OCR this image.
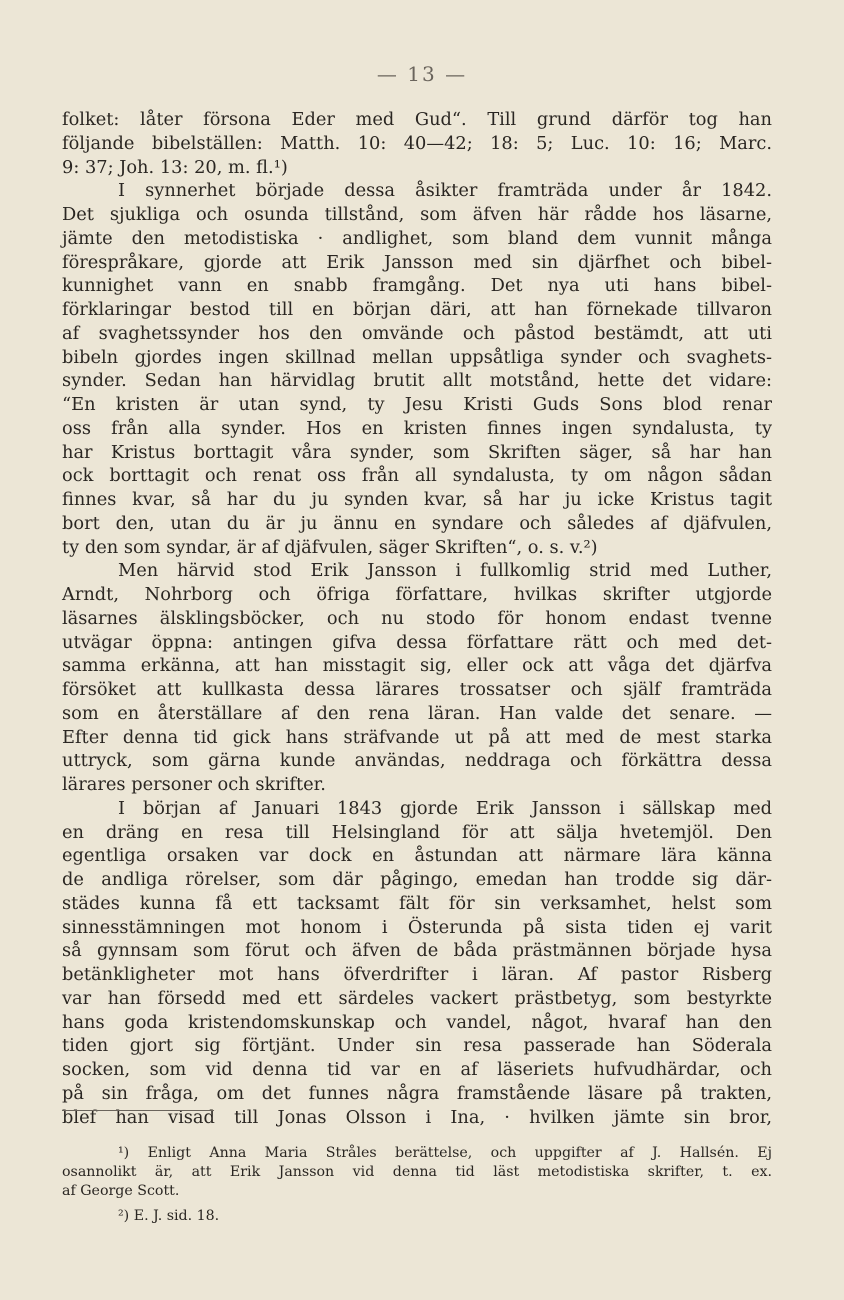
— 13 —
folket: låter försona Eder med Gud“. Till grund därför tog han
följande bibelställen: Matth. 10: 40—42; 18: 5; Luc. 10: 16; Marc.
9: 37; Joh. 13: 20, m. fl.¹)
I synnerhet började dessa åsikter framträda under år 1842.
Det sjukliga och osunda tillstånd, som äfven här rådde hos läsarne,
jämte den metodistiska · andlighet, som bland dem vunnit många
förespråkare, gjorde att Erik Jansson med sin djärfhet och bibel-
kunnighet vann en snabb framgång. Det nya uti hans bibel-
förklaringar bestod till en början däri, att han förnekade tillvaron
af svaghetssynder hos den omvände och påstod bestämdt, att uti
bibeln gjordes ingen skillnad mellan uppsåtliga synder och svaghets-
synder. Sedan han härvidlag brutit allt motstånd, hette det vidare:
“En kristen är utan synd, ty Jesu Kristi Guds Sons blod renar
oss från alla synder. Hos en kristen finnes ingen syndalusta, ty
har Kristus borttagit våra synder, som Skriften säger, så har han
ock borttagit och renat oss från all syndalusta, ty om någon sådan
finnes kvar, så har du ju synden kvar, så har ju icke Kristus tagit
bort den, utan du är ju ännu en syndare och således af djäfvulen,
ty den som syndar, är af djäfvulen, säger Skriften“, o. s. v.²)
Men härvid stod Erik Jansson i fullkomlig strid med Luther,
Arndt, Nohrborg och öfriga författare, hvilkas skrifter utgjorde
läsarnes älsklingsböcker, och nu stodo för honom endast tvenne
utvägar öppna: antingen gifva dessa författare rätt och med det-
samma erkänna, att han misstagit sig, eller ock att våga det djärfva
försöket att kullkasta dessa lärares trossatser och själf framträda
som en återställare af den rena läran. Han valde det senare. —
Efter denna tid gick hans sträfvande ut på att med de mest starka
uttryck, som gärna kunde användas, neddraga och förkättra dessa
lärares personer och skrifter.
I början af Januari 1843 gjorde Erik Jansson i sällskap med
en dräng en resa till Helsingland för att sälja hvetemjöl. Den
egentliga orsaken var dock en åstundan att närmare lära känna
de andliga rörelser, som där pågingo, emedan han trodde sig där-
städes kunna få ett tacksamt fält för sin verksamhet, helst som
sinnesstämningen mot honom i Österunda på sista tiden ej varit
så gynnsam som förut och äfven de båda prästmännen började hysa
betänkligheter mot hans öfverdrifter i läran. Af pastor Risberg
var han försedd med ett särdeles vackert prästbetyg, som bestyrkte
hans goda kristendomskunskap och vandel, något, hvaraf han den
tiden gjort sig förtjänt. Under sin resa passerade han Söderala
socken, som vid denna tid var en af läseriets hufvudhärdar, och
på sin fråga, om det funnes några framstående läsare på trakten,
blef han visad till Jonas Olsson i Ina, · hvilken jämte sin bror,
¹) Enligt Anna Maria Stråles berättelse, och uppgifter af J. Hallsén. Ej
osannolikt är, att Erik Jansson vid denna tid läst metodistiska skrifter, t. ex.
af George Scott.
²) E. J. sid. 18.
